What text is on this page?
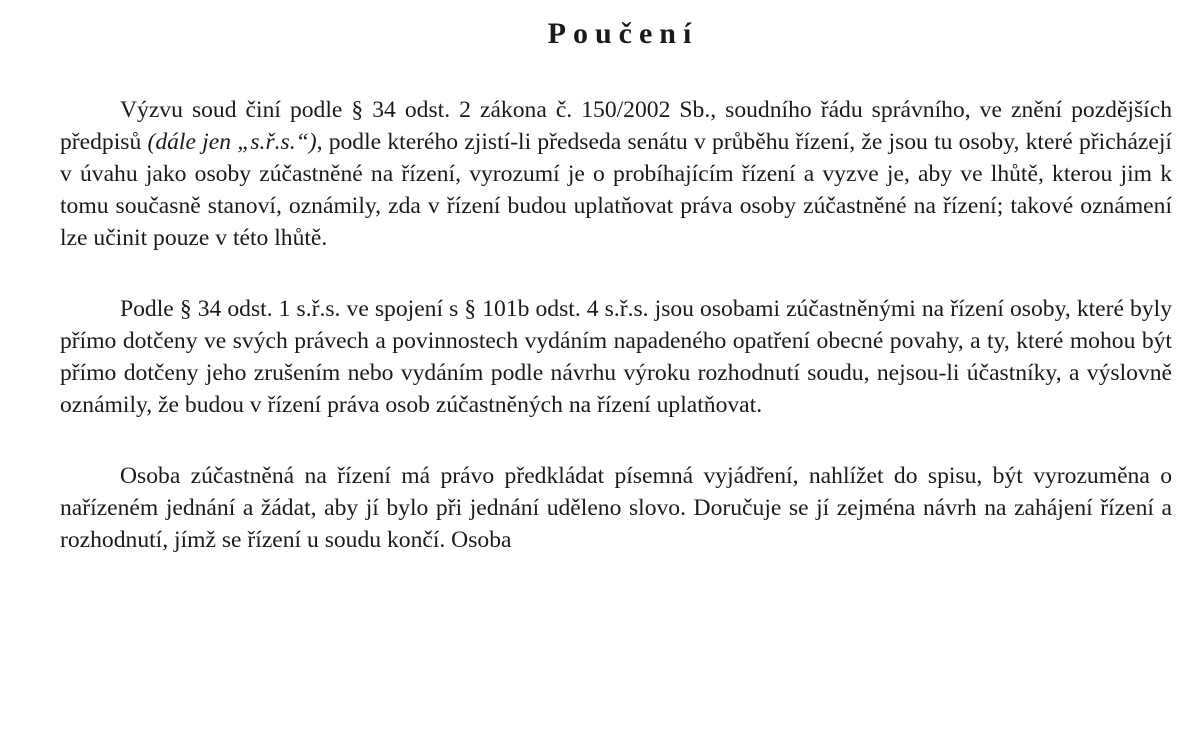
Poučení

Výzvu soud činí podle § 34 odst. 2 zákona č. 150/2002 Sb., soudního řádu správního, ve znění pozdějších předpisů (dále jen „s.ř.s.“), podle kterého zjistí-li předseda senátu v průběhu řízení, že jsou tu osoby, které přicházejí v úvahu jako osoby zúčastněné na řízení, vyrozumí je o probíhajícím řízení a vyzve je, aby ve lhůtě, kterou jim k tomu současně stanoví, oznámily, zda v řízení budou uplatňovat práva osoby zúčastněné na řízení; takové oznámení lze učinit pouze v této lhůtě.

Podle § 34 odst. 1 s.ř.s. ve spojení s § 101b odst. 4 s.ř.s. jsou osobami zúčastněnými na řízení osoby, které byly přímo dotčeny ve svých právech a povinnostech vydáním napadeného opatření obecné povahy, a ty, které mohou být přímo dotčeny jeho zrušením nebo vydáním podle návrhu výroku rozhodnutí soudu, nejsou-li účastníky, a výslovně oznámily, že budou v řízení práva osob zúčastněných na řízení uplatňovat.

Osoba zúčastněná na řízení má právo předkládat písemná vyjádření, nahlížet do spisu, být vyrozuměna o nařízeném jednání a žádat, aby jí bylo při jednání uděleno slovo. Doručuje se jí zejména návrh na zahájení řízení a rozhodnutí, jímž se řízení u soudu končí. Osoba
